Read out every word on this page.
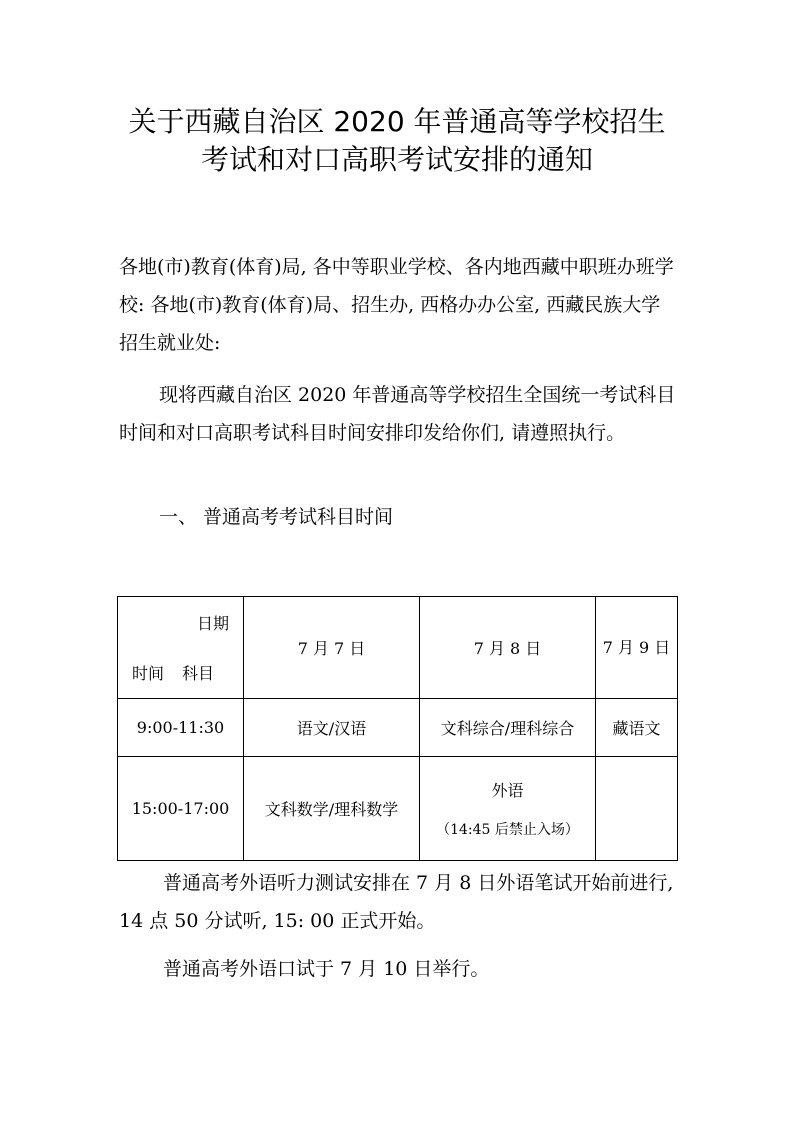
关于西藏自治区 2020 年普通高等学校招生
考试和对口高职考试安排的通知

各地(市)教育(体育)局, 各中等职业学校、各内地西藏中职班办班学校: 各地(市)教育(体育)局、招生办, 西格办办公室, 西藏民族大学招生就业处:

现将西藏自治区 2020 年普通高等学校招生全国统一考试科目时间和对口高职考试科目时间安排印发给你们, 请遵照执行。

一、 普通高考考试科目时间

日期
时间 科目	7 月 7 日	7 月 8 日	7 月 9 日
9:00-11:30	语文/汉语	文科综合/理科综合	藏语文
15:00-17:00	文科数学/理科数学	外语
（14:45 后禁止入场）	

普通高考外语听力测试安排在 7 月 8 日外语笔试开始前进行, 14 点 50 分试听, 15: 00 正式开始。

普通高考外语口试于 7 月 10 日举行。
